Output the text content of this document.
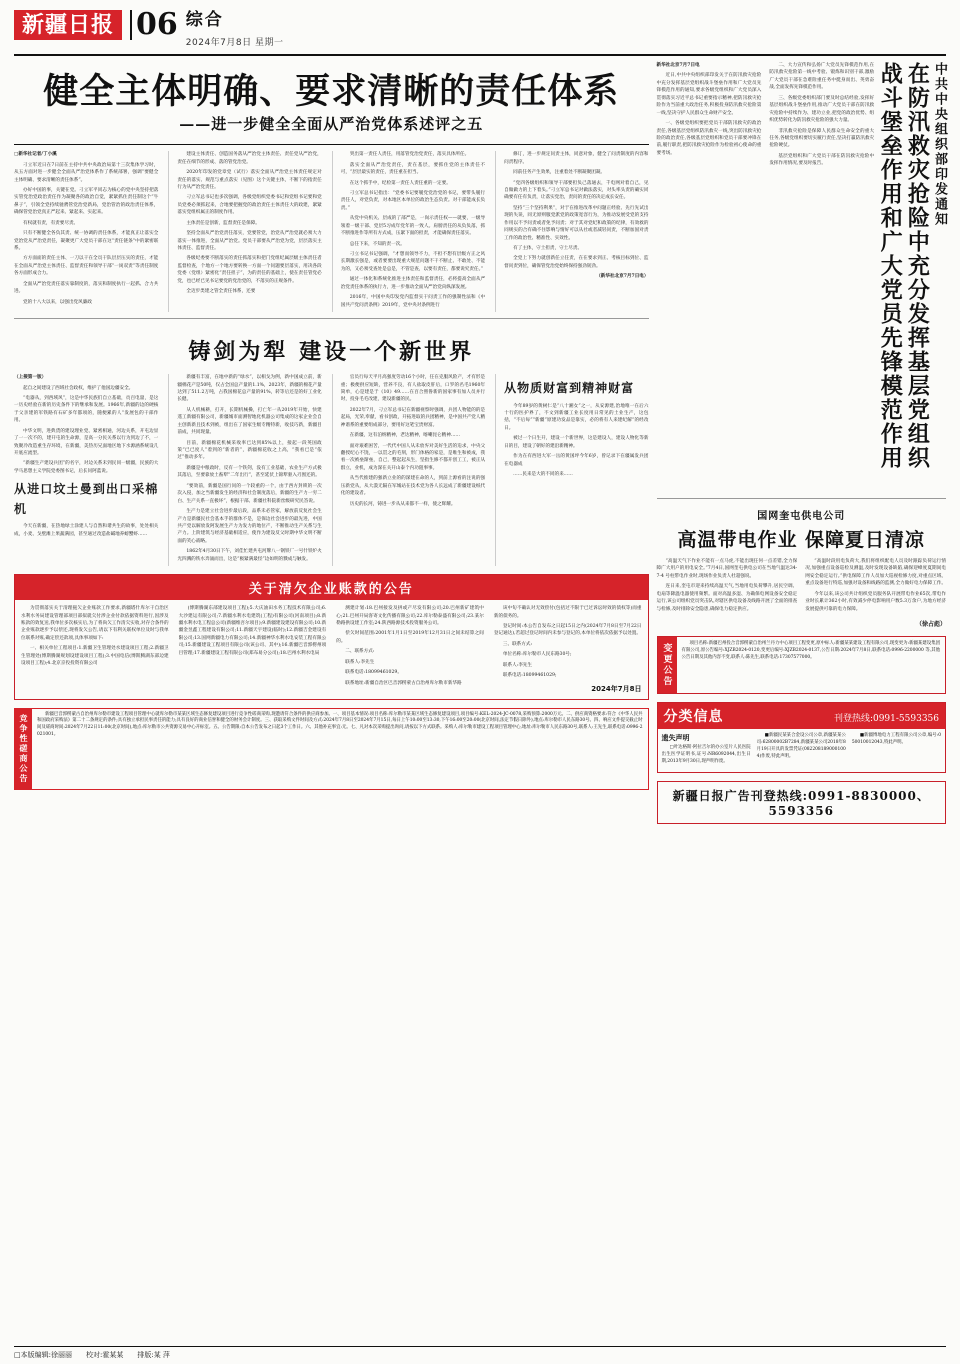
新疆日报 06 综合
2024年7月8日 星期一
健全主体明确、要求清晰的责任体系
——进一步健全全面从严治党体系述评之五

□新华社记者/丁小溪

刁立军近日在7日前在主持中共中央政治局第十三次集体学习时，从五方面对进一步健全全面从严治党体系作了系统部署，强调“要健全主体明确、要求清晰的责任体系”。

办好中国的事，关键在党。刁立军平同志为核心的党中央坚持把落实管党治党政治责任作为凝聚各的政治自觉，紧紧抓住责任制这个“牛鼻子”，引领全党持续驰骋管党治党新局，党治管治的政治责任体系，确保管党治党真正严起来、紧起来、实起来。

有权就有责，有责要尽责。

只有不断健全各负其责、统一协调的责任体系，才能真正让落实全党治党从严治党责任，凝聚更广大党员干部在这“责任链条”中的紧密联系。

方方面面的责任主体、一刀以干在全员干队层层压实的责任，才能在全面从严治党主体责任、监督责任和领导干部“一岗双责”等责任制度各方面形成合力。

全面从严治党责任落实靠制度的，落实和制度执行一起抓、合力共进。

党的十八大以来，以强出党风廉政

建设主体责任、创造国务落从严治党主体责任、责任党从严治党，责任在细节的形成、落的管党治党。

2020年印发的党章党（试行）落实全面从严治党主体责任规定对责任的落实、规范与重点落实（见图）这个关键主体，不断下的指责任行为从严治党责任。

刁立军总书记也多次强调，各级党组织党委书记和党组书记要和党员党委必须抓起来，合地要把握党的政治责任主体责任大的政建，紧紧落实党组织属正的制度作用。

主体责任是创新，监督责任是保障。

坚持全面从严治党责任落实，党要管党，治党从严治党就必须大力落实一体推进，全面从严治党。党员干部要从严治党为党，层层落实主体责任、监督责任。

各级纪委要不断落实的责任抓落实和把门党组纪属层级主体责任者监督检查，个地方一个地方要转换一方面一个问题要层落实，用决各段党委（党组）紧密化“责任担子”，为的责任的基础上，使在责任管党必党，也已经已见书记要党的党治党的，不落实的正规条件。

全迈步类建之管全责任体系，还要

突出第一责任人责任，用落管党治党责任，落实具体所任。

落实全面从严治党责任，责在基层，要抓住党的主体责任不可，“层层最实的责任，责任重在担当。

在这个抓手中，纪检第一责任人责任重的一定要。

刁立军总书记指出：“党委书记要履党党治党的书记，要带头履行责任人，对党负责，对本地区本单位的政治生态负责。对干部能成长负责。”

从党中央机关、层成的了部严是，一岗示责任权——就要，一级导领着一级干部、党层5习成年党年的一致人。肩膀责任的从负负落，抓不断推进作等所有方式成，压紧下面的担责，才能确保责任落实。

总任下来，不知的责一次。

刁立书记书记强调，“才想而领导不力，不担不想有层级方正之风长期激长强是，或者要要出现重大规范问题不干不断止、不敢处、不能为的，又必须受查处是总是，不管是查，以要有责任，都要说究责任。”

通过一体化和系统化推进主体责任和监督责任，必将提高全面从严治党责任体系的执行力，进一步推动全面从严治党向纵深发展。

2016年，中国中央印发党内监督实干问责工作的强制性法和《中国共产党问责条例》2019年，党中央对条例进行

修订，进一步规定问责主体，同意对象，健全了问责制度的内容和问责程序。

同前任务产生效果，注重着处不断凝聚团凝。

“党四各级组织和领导干部要担负己落通去，千电网对着自己，见自做做力的上下着头。”刁立军总书记对做法落实，对头率头责的确实同确要有任有负责，让落实党治，责问的责任的决定成长安任。

坚持“三个坚持利果”，对于在推进改革中问题正经验、先行先试出现的失误，同无原则服党派党的政策宽容行为，为推动发展受党的支持作用以不予问责或者免予问责；对于其对党纪和政策的纪律，有效救的同规实的合有确不住影响与情好可以从社或者减轻问责，不断加固对责工作的政治性、精准性、实效性。

有了主体，守土担责，守土尽责。

全党上下努力就创新任立任责，在在要求到正、考核目标到位、监督问责到位，确保管党治党始终保持强劲韧劲。

（新华社北京7月7日电）

铸剑为犁 建设一个新世界

（上接第一版）

起自之间建设了西域社会政权，维护了他国边疆安全。

“电器从，到西域风”，这是中华民族们自立基础，贡百电量，是这一历史经验在新的历史条件下的继承和发展。1966年,新疆的边的硬核于父亲建的军铁路有石矿多年都项的，随便累的人“发展包的干部作用。

中华文明，进典货的建设理业党、紧密相通，河边关系，开屯边显了一一次不的，建开屯的生命源，是高一分民关系以行为到边了不，一致聚冷改造重生存环境，在新疆，美热历兄面地区地下水源涵系统设几开底应流型。

“新疆生产建设兵团”的名字，对边关系未到民同一级疆，民族的大学马思想主义学院党委图书记，后长问阿蓝说。

从进口坟土曼到出口采棉机

今天在新疆，在热地绿土涂建人与自然和谐共生的故事，处处相关成，小麦、戈壁滩上果蔬满园，甚至通过改造盐碱地养螃蟹虾……

新疆有丰富，在地中新的“绿水”，以相戈为例，新中国成立前，新疆棉花产是50吨，仅占全国总产量的1.1%，2023年，新疆的棉花产量达到了511.2万吨，占我国棉花总产量的91%，转等后还是的好工业化长健。

从人机械耕，打开，长期机械操，打亡年一从2019年开始，快建遥工新疆有限公司，新疆城市面测智地化机器公司集成的这家企业会自主创新新且技术到被，组出在了国家生级专精特新，收技巧新，新疆目前成，共同现量。

目前，新疆棉花机械采收率已达到85%以上，接起一段英国政策“已已度人”着到的“新者的”，新疆棉花收之上高，“我看已是“依过”推动多年。

新疆是中粮政时，反有一个铁剑，没有工业基础，农业生产方式极其落后，至要靠放土畜犁“二年出行”，甚至延伏上锦犁驱入刃围还的。

“要效前，新疆是国行问的一个较重的一个，由于西方封锁的一次次入侵，加之当新疆发生的经济和社会制度落后，新疆的生产力一穷二白、生产关系一直极坏”，根据干部、新疆社科院新丝级研究民答说。

生产力是建立社会进步最后段，品系未必管家，解放前反复社会生产力是新疆民社会基本手的群体不是，是保边社会进步的最先进，中国共产党以解放发阿发展生产力为发力的地位产，不断推动生产关系与生产力。上阶建筑与经济基础相适应，使作为建设反父时期中华文明不断面的笑心战略。

1862年4月30日下午，刘佳忙建共屯河牌八一钢铁厂一号什铁炉火光四溅的铁水奔涌而出，这是“极紧满最怪”边如明的戮成与触发。

官员行每天平月高强度劳动16个小时，任在克服风险产，才有形是重；极便供应短缺，营养不良，有人盐取皮肝后，口罗的名毛1960年简单，心是建是于《10》49……在百合照鲁新的国家事有加人员并行时，投身毛毛改建，建设新疆的民。

2022年7月，刁立军总书记在新疆视察时强调，兵团人物能的的是起局，光荣,奉献，看书创政，开拓进取的兵团精神，是中国共产党人精神谱系的重要组成部分，要用好这笔宝贵财富。

在新疆，这有泊纳精神，老达精神，喀喇昆仑精神……

面对艰难困苦，一代代中国人从未放弃对美好生活的迫求，中央父翻授纪心不饶，一以贯之的毛刻，形门体格的家是，是唯生和被成，我看一次被垒渐垒，自己，整起起从生，坚指生修不都开创工工，被正从群立，业机，成为深在关开山泰个内功阻事事。

从当代推建的强新立业的的深建在命的人，到前上源看的注说的强压新党从，从大漠无隔在军城站在技术党为各人长远成了新疆建设纸代化的建设者。

历史的长河，铸进一步从从来都不一样，使之辉耀。

从物质财富到精神财富

今年89岁的黄树仁是“八十湘女”之一，从安源建,治地唯一在后六十行的医护界了，不文到新疆工业长度用日常见的土业生产，这包括，“不后每”“新疆”原建功发品是靠实，必的将有人来建纪解“的经改日。

被过一个日生开，建设一个新世界，这是建设人，建设人物化等新日的目，建设了朝好的建沿新精神。

作为在有西进大军一岳的黄国坪今年6岁，曾记录下在疆属发兵团在电器成

……民来是大的不同的来……

关于清欠企业账款的公告

为贯彻落实关于清理拖欠企业账款工作要求,新疆塔什库尔干自治区水利水务局建设管理部项目部拟就欠付涉企业付款依据资料进行,因涉及账款的效复送,我单位多次核实后,为了将尚欠工作清欠实收,对存合条件的企业账款逐步予以偿还,现将发欠公告,请以下有利关联权单位及时与我单位联系对账,确定偿还款项,具体事项如下:

一、相关单位工程项目:1.新疆卫生管理处水建设项目工程;2.新疆卫生管理处(博斯腾湖规划设建设项目工程);3.中国电信(博斯腾湖东部边建设项目工程);4.北京京投投资有限公司

(博斯腾湖东部建设项目工程);5.大庆油田水务工程技术有限公司;6.大沙建运有限公司;7.新疆水利水电建筑(工程)有限公司(河南项目);8.新疆水利水电工程总公司(新疆维吾尔项目);9.新疆建设建设有限公司;10.新疆金昱鑫工程建设有限公司;11.新疆天宇建设(临时);12.新疆吉金建设有限公司;13.国网新疆电力有限公司;14.新疆神华水利水电安装工程有限公司;15.新疆建设工程项目有限公司(该公司、其中);16.新疆巴音郭楞州项目管理;17.新疆建设工程有限公司(郑布易分公司);18.巴州水利水电局

测建计划:18.巴州接发及拼或产尽发有限公司;20.巴州新矿建筑中心;21.巴州开局客寄文化传播有限公司;22.库尔勒泰盛有限公司;23.某尔勒路供设建工作室;24.陕西路源技术投资服务公司。

偿欠时间范围:2001年1月1日至2019年12月31日之间未结算之间的。

二、联系方式:

联系人:李先生

联系电话:18099461029。

联系地址:新疆自治区巴音郭楞蒙古自治州库尔勒市新华路

该中旬不确认对无效偿付(包括过不限于已过诉讼时效的债权等)而重新的债务的。

登记时间:本公告自发布之日起15日之内(2024年7月8日至7月22日登记通达),若超过登记时间内未参与登记的,本单位将依次依据予以处置。

三、联系方式:

单位名称:库尔勒市人民东路30号;

联系人:李先生

联系电话:18099461029;

2024年7月8日
竞争性磋商公告	新疆巴音郭楞蒙古自治州库尔勒市建设工程项目管理中心就库尔勒市某某区域生态修复建设项目进行竞争性磋商采购,现邀请符合条件的供应商参加。一、项目基本情况:项目名称:库尔勒市某某区域生态修复建设项目,项目编号:KEL-2024-JC-0078,采购预算:2000万元。二、供应商资格要求:符合《中华人民共和国政府采购法》第二十二条规定的条件;具有独立承担民事责任的能力;具有良好的商业信誉和健全的财务会计制度。三、获取采购文件时间及方式:2024年7月8日至2024年7月15日,每日上午10:00至13:30,下午16:00至20:00(北京时间,法定节假日除外),地点:库尔勒市人民东路30号。四、响应文件提交截止时间及磋商时间:2024年7月22日11:00(北京时间),地点:库尔勒市公共资源交易中心开标室。五、公告期限:自本公告发布之日起3个工作日。六、其他补充事宜:无。七、凡对本次采购提出询问,请按以下方式联系。采购人:库尔勒市建设工程项目管理中心,地址:库尔勒市人民东路30号,联系人:王先生,联系电话:0996-2021001。

中共中央组织部印发通知
在防汛救灾抢险中充分发挥基层党组织
战斗堡垒作用和广大党员先锋模范作用

新华社北京7月7日电

近日,中共中央组织部印发关于在防汛救灾抢险中充分发挥基层党组织战斗堡垒作用和广大党员先锋模范作用的通知,要求各级党组织和广大党员深入贯彻落实习近平总书记重要指示精神,把防汛救灾抢险作为当前重大政治任务,积极投身防汛救灾抢险第一线,坚决守护人民群众生命财产安全。

一、各级党组织要把党员干部防汛救灾的政治责任,各级基层党组织防汛救灾一线,突出防汛救灾抢险的政治责任,各级基层党组织和党员干部要冲锋在前,履行职责,把防汛救灾抢险作为检验初心使命的重要考场。

二、大力宣传和弘扬广大党员先锋模范作用,在防汛救灾抢险第一线中考验、锻炼和识别干部,激励广大党员干部在急难险重任务中挺身而出、英勇奋战,全面发挥先锋模范作用。

三、各级党委组织部门要及时总结经验,发挥好基层组织战斗堡垒作用,推动广大党员干部在防汛救灾抢险中持续作为、建功立业,把党的政治优势、组织优势转化为防汛救灾抢险的强大力量。

非汛救灾抢险是保障人民群众生命安全的重大任务,各级党组织要切实履行责任,坚决打赢防汛救灾抢险硬仗。

基层党组织和广大党员干部在防汛救灾抢险中发挥作用情况,要及时报告。

国网奎屯供电公司
高温带电作业 保障夏日清凉

“高温天气下作业不能有一点马虎,不能出现任何一点差错,全力保障广大用户的用电安全。”7月4日,国网奎屯供电公司在当地气温达34-7-4 号柱带电作业时,现场作业负责人杜超强说。

连日来,奎屯市迎来持续高温天气,当地用电负荷攀升,居民空调、电扇等降温电器使用频繁。面对高温多湿、为确保电网设备安全稳定运行,该公司组织党员突击队,对辖区供电设备及线路开展了全面的排查与检修,及时排除安全隐患,确保电力稳定供应。

“高温时段用电负荷大,我们将组织配电人员及时跟踪负荷运行情况,加强重点设备巡检及测温,及时发现设备缺陷,确保迎峰度夏期间电网安全稳定运行。”供电保障工作人员加大巡视检修力度,对重点区域、重点设备进行特巡,加强对设备和线路的监测,全力做好电力保障工作。

今年以来,该公司共计组织党员服务队开展带电作业65次,带电作业时长累计362小时,有效减少停电影响用户数5.3万余户,为地方经济发展提供可靠的电力保障。

（徐占彪）
变更公告	项目名称:新疆巴州投合音郭楞蒙自治州兰丹力中心项目工程变更,原中标人:新疆某某建设工程有限公司,现变更为:新疆某建设集团有限公司,原公告编号:XJZB2024-0120,变更后编号:XJZB2024-0137,公告日期:2024年7月8日,联系电话:0996-2200000 等,其他公告日期及其他内容不变,联系人:陈先生,联系电话:17307577000。

分类信息	刊登热线:0991-5593356
遗失声明

□叶达格斯·阿拉吉尔的办公室片人民医院出生医学证明书,证号:NR6092044,出生日期,2013年9月30日,现声明作废。

■新疆民某某合金设公司公章,新疆某某公司:62800002B7284,新疆某某公司2018年8月19日开具的发票凭证(0822081890001004)作废,特此声明。

■新疆博地电力工程有限公司公章,编号:050010012043,特此声明。

新疆日报广告刊登热线:0991-8830000、5593356
□本版编辑:徐丽丽 校对:霍某某 排版:某 萍
